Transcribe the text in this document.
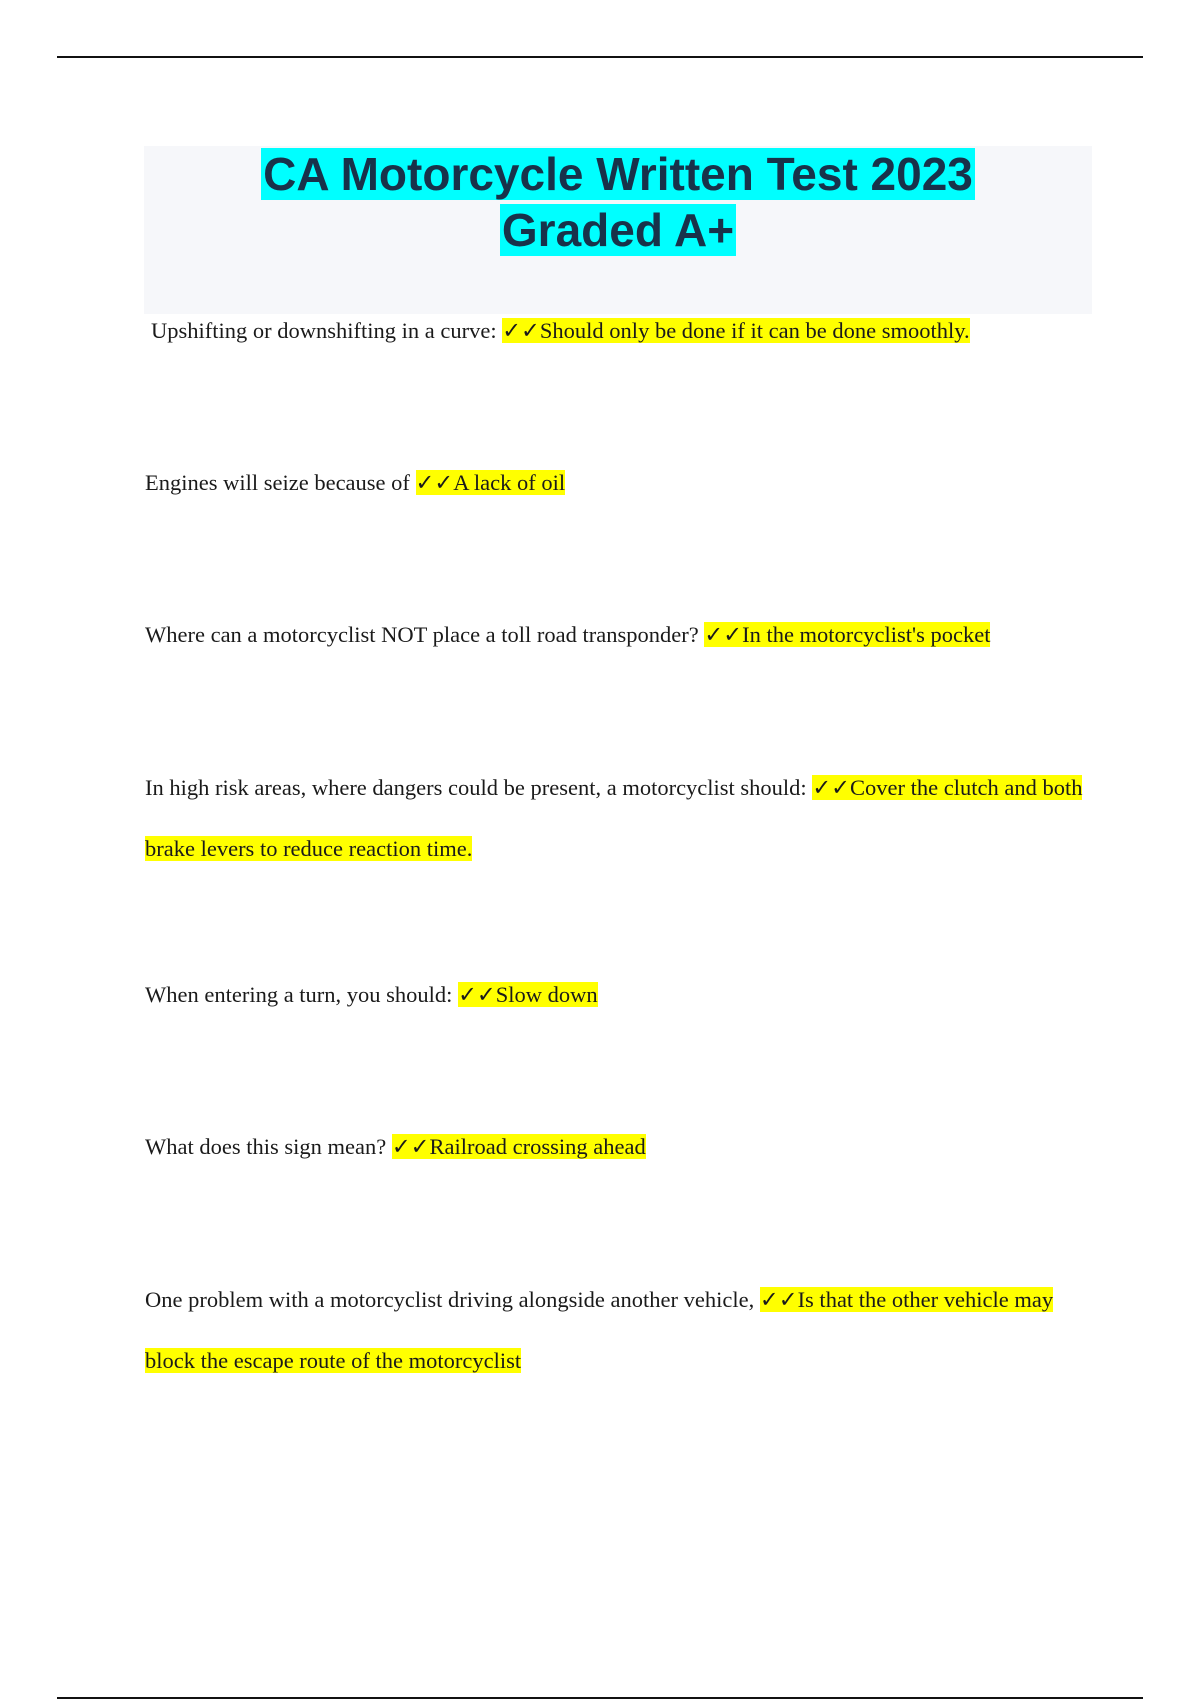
CA Motorcycle Written Test 2023
Graded A+

Upshifting or downshifting in a curve: ✓✓Should only be done if it can be done smoothly.

Engines will seize because of ✓✓A lack of oil

Where can a motorcyclist NOT place a toll road transponder? ✓✓In the motorcyclist's pocket

In high risk areas, where dangers could be present, a motorcyclist should: ✓✓Cover the clutch and both brake levers to reduce reaction time.

When entering a turn, you should: ✓✓Slow down

What does this sign mean? ✓✓Railroad crossing ahead

One problem with a motorcyclist driving alongside another vehicle, ✓✓Is that the other vehicle may block the escape route of the motorcyclist
